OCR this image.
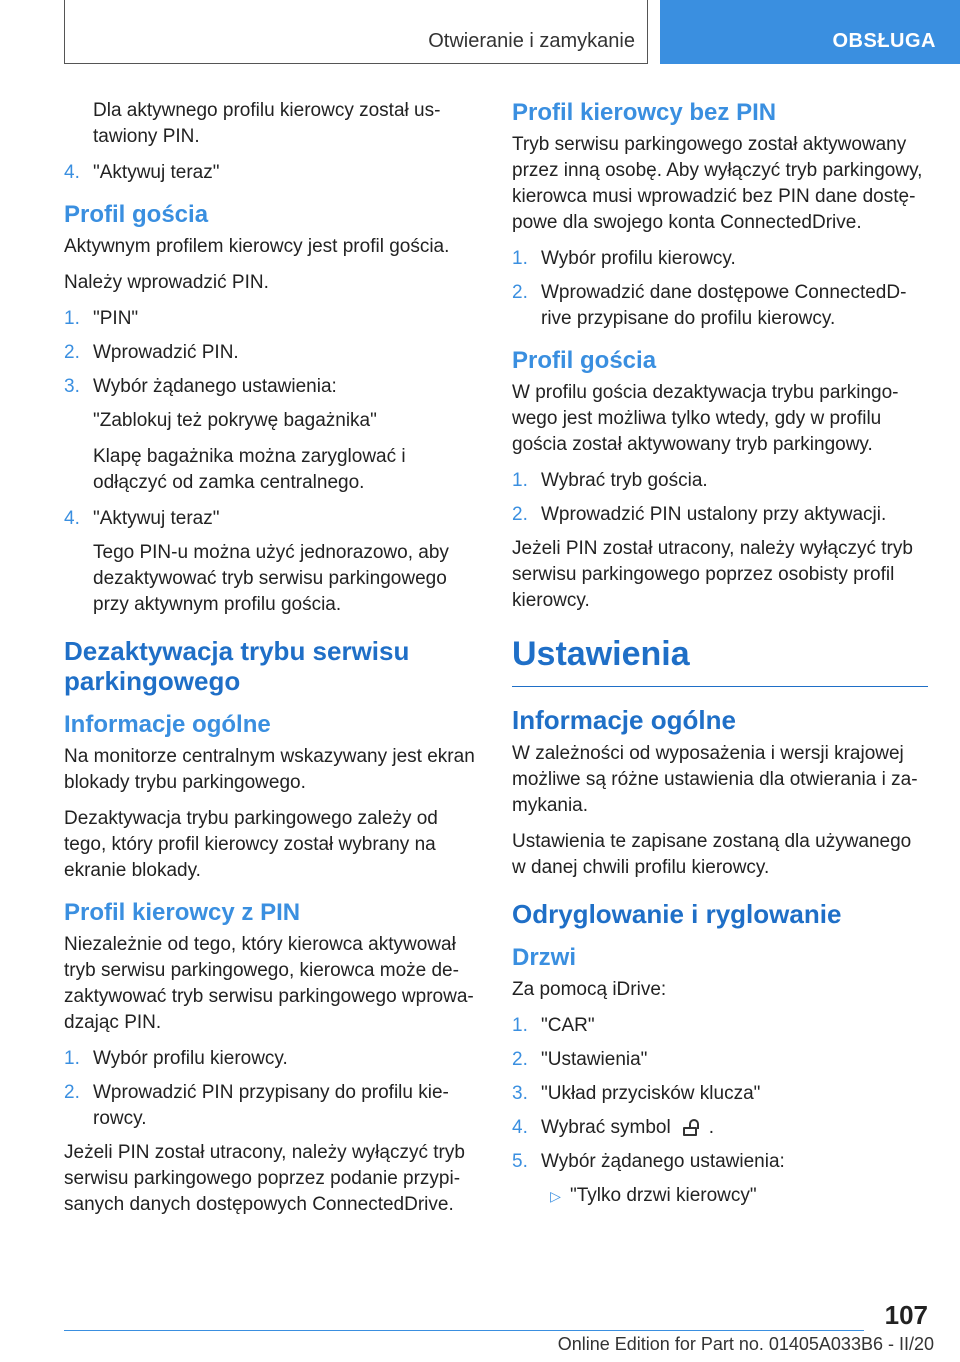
Otwieranie i zamykanie	OBSŁUGA

Dla aktywnego profilu kierowcy został us-tawiony PIN.

4. "Aktywuj teraz"
Profil gościa

Aktywnym profilem kierowcy jest profil gościa.

Należy wprowadzić PIN.

1. "PIN"
2. Wprowadzić PIN.
3. Wybór żądanego ustawienia:

"Zablokuj też pokrywę bagażnika"

Klapę bagażnika można zaryglować i odłączyć od zamka centralnego.

4. "Aktywuj teraz"

Tego PIN-u można użyć jednorazowo, aby dezaktywować tryb serwisu parkingowego przy aktywnym profilu gościa.

Dezaktywacja trybu serwisu parkingowego
Informacje ogólne

Na monitorze centralnym wskazywany jest ekran blokady trybu parkingowego.

Dezaktywacja trybu parkingowego zależy od tego, który profil kierowcy został wybrany na ekranie blokady.

Profil kierowcy z PIN

Niezależnie od tego, który kierowca aktywował tryb serwisu parkingowego, kierowca może de-zaktywować tryb serwisu parkingowego wprowa-dzając PIN.

1. Wybór profilu kierowcy.
2. Wprowadzić PIN przypisany do profilu kie-rowcy.

Jeżeli PIN został utracony, należy wyłączyć tryb serwisu parkingowego poprzez podanie przypi-sanych danych dostępowych ConnectedDrive.

Profil kierowcy bez PIN

Tryb serwisu parkingowego został aktywowany przez inną osobę. Aby wyłączyć tryb parkingowy, kierowca musi wprowadzić bez PIN dane dostę-powe dla swojego konta ConnectedDrive.

1. Wybór profilu kierowcy.
2. Wprowadzić dane dostępowe ConnectedD-rive przypisane do profilu kierowcy.
Profil gościa

W profilu gościa dezaktywacja trybu parkingo-wego jest możliwa tylko wtedy, gdy w profilu gościa został aktywowany tryb parkingowy.

1. Wybrać tryb gościa.
2. Wprowadzić PIN ustalony przy aktywacji.

Jeżeli PIN został utracony, należy wyłączyć tryb serwisu parkingowego poprzez osobisty profil kierowcy.

Ustawienia
Informacje ogólne

W zależności od wyposażenia i wersji krajowej możliwe są różne ustawienia dla otwierania i za-mykania.

Ustawienia te zapisane zostaną dla używanego w danej chwili profilu kierowcy.

Odryglowanie i ryglowanie
Drzwi

Za pomocą iDrive:

1. "CAR"
2. "Ustawienia"
3. "Układ przycisków klucza"
4. Wybrać symbol .
5. Wybór żądanego ustawienia:
▷ "Tylko drzwi kierowcy"
107
Online Edition for Part no. 01405A033B6 - II/20
